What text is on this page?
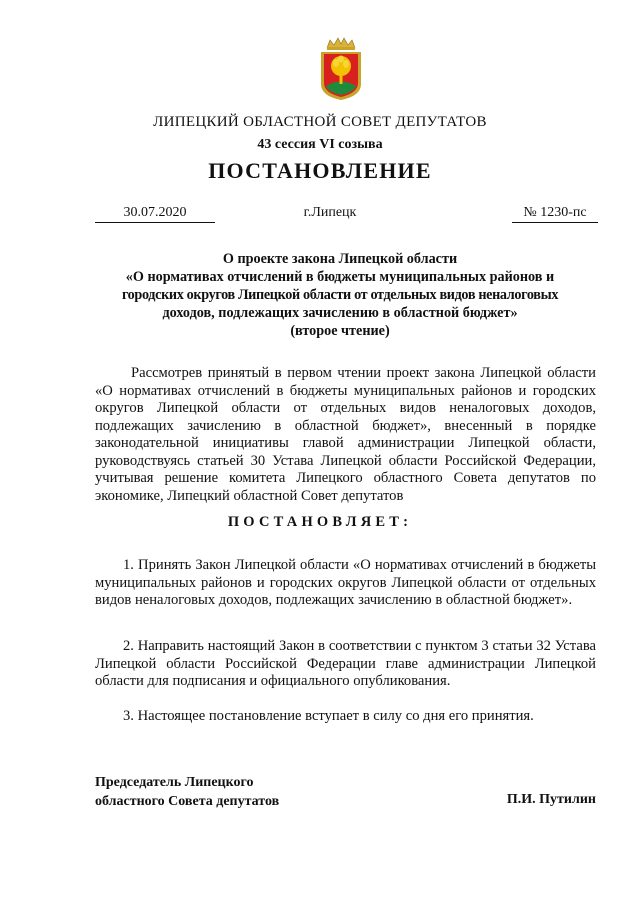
ЛИПЕЦКИЙ ОБЛАСТНОЙ СОВЕТ ДЕПУТАТОВ
43 сессия VI созыва
ПОСТАНОВЛЕНИЕ
30.07.2020	г.Липецк	№ 1230-пс
О проекте закона Липецкой области
«О нормативах отчислений в бюджеты муниципальных районов и
городских округов Липецкой области от отдельных видов неналоговых
доходов, подлежащих зачислению в областной бюджет»
(второе чтение)
Рассмотрев принятый в первом чтении проект закона Липецкой области «О нормативах отчислений в бюджеты муниципальных районов и городских округов Липецкой области от отдельных видов неналоговых доходов, подлежащих зачислению в областной бюджет», внесенный в порядке законодательной инициативы главой администрации Липецкой области, руководствуясь статьей 30 Устава Липецкой области Российской Федерации, учитывая решение комитета Липецкого областного Совета депутатов по экономике, Липецкий областной Совет депутатов
ПОСТАНОВЛЯЕТ:
1. Принять Закон Липецкой области «О нормативах отчислений в бюджеты муниципальных районов и городских округов Липецкой области от отдельных видов неналоговых доходов, подлежащих зачислению в областной бюджет».
2. Направить настоящий Закон в соответствии с пунктом 3 статьи 32 Устава Липецкой области Российской Федерации главе администрации Липецкой области для подписания и официального опубликования.
3. Настоящее постановление вступает в силу со дня его принятия.
Председатель Липецкого
областного Совета депутатов	П.И. Путилин
